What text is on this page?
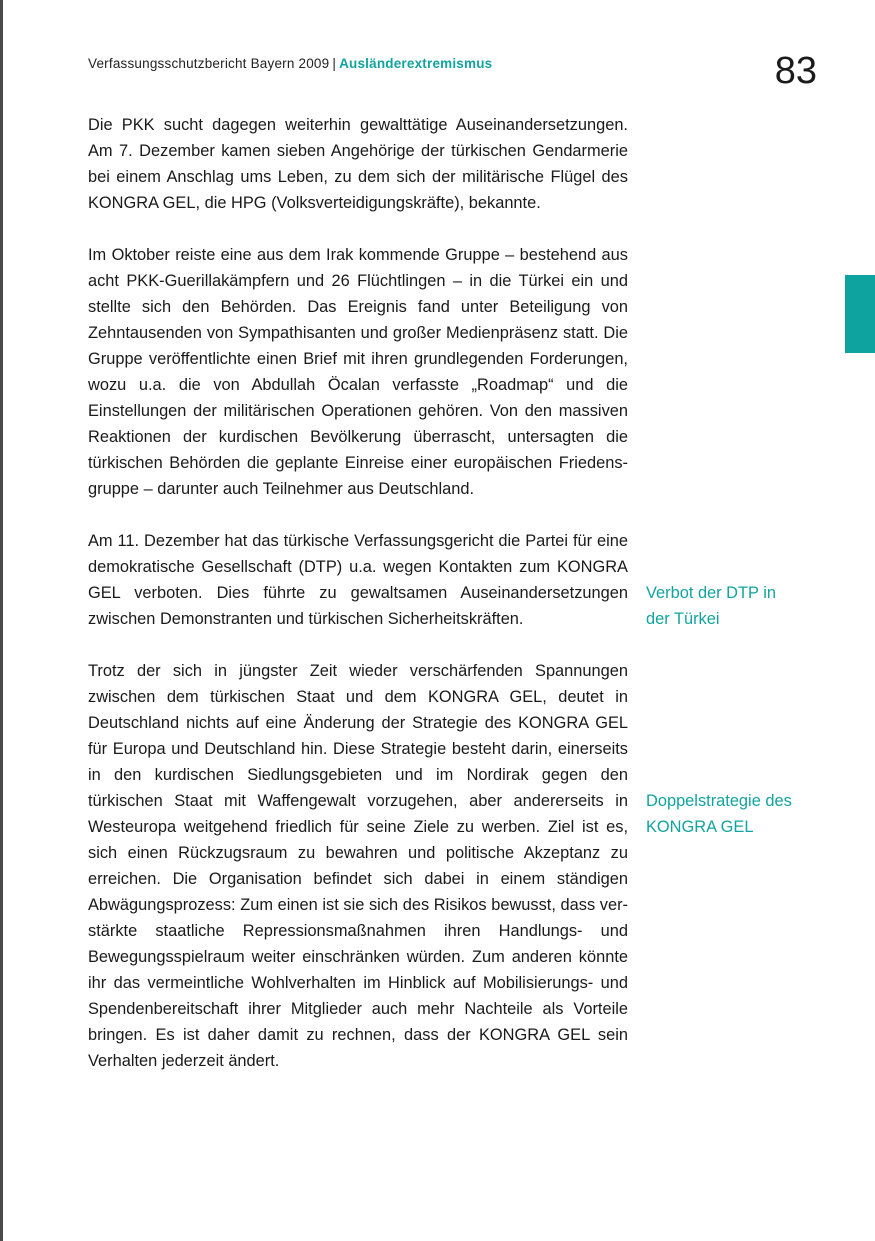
Verfassungsschutzbericht Bayern 2009 | Ausländerextremismus	83

Die PKK sucht dagegen weiterhin gewalttätige Auseinandersetzungen. Am 7. Dezember kamen sieben Angehörige der türkischen Gendarmerie bei einem Anschlag ums Leben, zu dem sich der militärische Flügel des KONGRA GEL, die HPG (Volksverteidigungskräfte), bekannte.

Im Oktober reiste eine aus dem Irak kommende Gruppe – bestehend aus acht PKK-Guerillakämpfern und 26 Flüchtlingen – in die Türkei ein und stellte sich den Behörden. Das Ereignis fand unter Beteiligung von Zehntausenden von Sympathisanten und großer Medienpräsenz statt. Die Gruppe veröffentlichte einen Brief mit ihren grundlegenden Forderungen, wozu u.a. die von Abdullah Öcalan verfasste „Roadmap“ und die Einstellungen der militärischen Operationen gehören. Von den massiven Reaktionen der kurdischen Bevölkerung überrascht, untersagten die türkischen Behörden die geplante Einreise einer europäischen Friedensgruppe – darunter auch Teilnehmer aus Deutschland.

Am 11. Dezember hat das türkische Verfassungsgericht die Partei für eine demokratische Gesellschaft (DTP) u.a. wegen Kontakten zum KONGRA GEL verboten. Dies führte zu gewaltsamen Auseinandersetzungen zwischen Demonstranten und türkischen Sicherheitskräften.

Trotz der sich in jüngster Zeit wieder verschärfenden Spannungen zwischen dem türkischen Staat und dem KONGRA GEL, deutet in Deutschland nichts auf eine Änderung der Strategie des KONGRA GEL für Europa und Deutschland hin. Diese Strategie besteht darin, einerseits in den kurdischen Siedlungsgebieten und im Nordirak gegen den türkischen Staat mit Waffengewalt vorzugehen, aber andererseits in Westeuropa weitgehend friedlich für seine Ziele zu werben. Ziel ist es, sich einen Rückzugsraum zu bewahren und politische Akzeptanz zu erreichen. Die Organisation befindet sich dabei in einem ständigen Abwägungsprozess: Zum einen ist sie sich des Risikos bewusst, dass verstärkte staatliche Repressionsmaßnahmen ihren Handlungs- und Bewegungsspielraum weiter einschränken würden. Zum anderen könnte ihr das vermeintliche Wohlverhalten im Hinblick auf Mobilisierungs- und Spendenbereitschaft ihrer Mitglieder auch mehr Nachteile als Vorteile bringen. Es ist daher damit zu rechnen, dass der KONGRA GEL sein Verhalten jederzeit ändert.

Verbot der DTP in
der Türkei
Doppelstrategie des
KONGRA GEL
